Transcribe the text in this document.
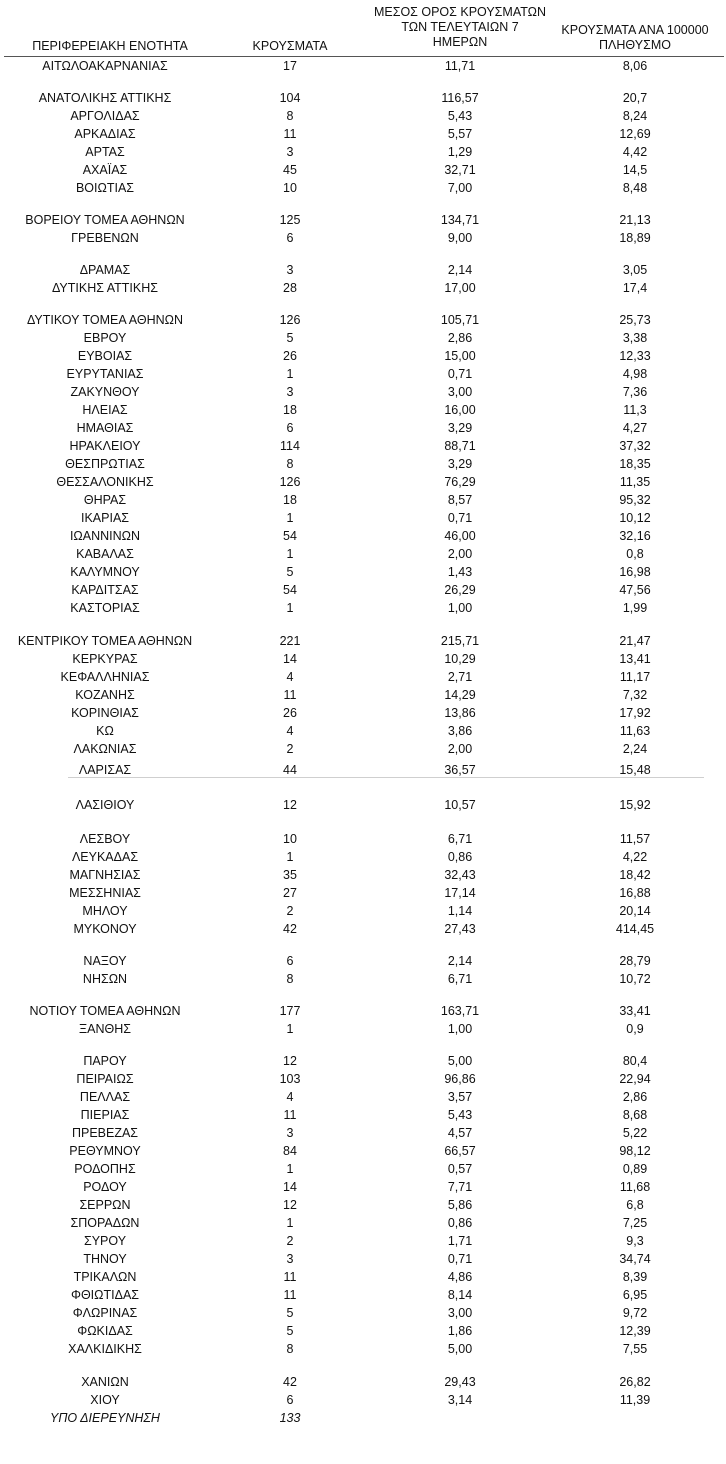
ΠΕΡΙΦΕΡΕΙΑΚΗ ΕΝΟΤΗΤΑ	ΚΡΟΥΣΜΑΤΑ
ΜΕΣΟΣ ΟΡΟΣ ΚΡΟΥΣΜΑΤΩΝ
ΤΩΝ ΤΕΛΕΥΤΑΙΩΝ 7
ΗΜΕΡΩΝ
ΚΡΟΥΣΜΑΤΑ ΑΝΑ 100000
ΠΛΗΘΥΣΜΟ
ΑΙΤΩΛΟΑΚΑΡΝΑΝΙΑΣ	17	11,71	8,06
ΑΝΑΤΟΛΙΚΗΣ ΑΤΤΙΚΗΣ	104	116,57	20,7
ΑΡΓΟΛΙΔΑΣ	8	5,43	8,24
ΑΡΚΑΔΙΑΣ	11	5,57	12,69
ΑΡΤΑΣ	3	1,29	4,42
ΑΧΑΪΑΣ	45	32,71	14,5
ΒΟΙΩΤΙΑΣ	10	7,00	8,48
ΒΟΡΕΙΟΥ ΤΟΜΕΑ ΑΘΗΝΩΝ	125	134,71	21,13
ΓΡΕΒΕΝΩΝ	6	9,00	18,89
ΔΡΑΜΑΣ	3	2,14	3,05
ΔΥΤΙΚΗΣ ΑΤΤΙΚΗΣ	28	17,00	17,4
ΔΥΤΙΚΟΥ ΤΟΜΕΑ ΑΘΗΝΩΝ	126	105,71	25,73
ΕΒΡΟΥ	5	2,86	3,38
ΕΥΒΟΙΑΣ	26	15,00	12,33
ΕΥΡΥΤΑΝΙΑΣ	1	0,71	4,98
ΖΑΚΥΝΘΟΥ	3	3,00	7,36
ΗΛΕΙΑΣ	18	16,00	11,3
ΗΜΑΘΙΑΣ	6	3,29	4,27
ΗΡΑΚΛΕΙΟΥ	114	88,71	37,32
ΘΕΣΠΡΩΤΙΑΣ	8	3,29	18,35
ΘΕΣΣΑΛΟΝΙΚΗΣ	126	76,29	11,35
ΘΗΡΑΣ	18	8,57	95,32
ΙΚΑΡΙΑΣ	1	0,71	10,12
ΙΩΑΝΝΙΝΩΝ	54	46,00	32,16
ΚΑΒΑΛΑΣ	1	2,00	0,8
ΚΑΛΥΜΝΟΥ	5	1,43	16,98
ΚΑΡΔΙΤΣΑΣ	54	26,29	47,56
ΚΑΣΤΟΡΙΑΣ	1	1,00	1,99
ΚΕΝΤΡΙΚΟΥ ΤΟΜΕΑ ΑΘΗΝΩΝ	221	215,71	21,47
ΚΕΡΚΥΡΑΣ	14	10,29	13,41
ΚΕΦΑΛΛΗΝΙΑΣ	4	2,71	11,17
ΚΟΖΑΝΗΣ	11	14,29	7,32
ΚΟΡΙΝΘΙΑΣ	26	13,86	17,92
ΚΩ	4	3,86	11,63
ΛΑΚΩΝΙΑΣ	2	2,00	2,24
ΛΑΡΙΣΑΣ	44	36,57	15,48
ΛΑΣΙΘΙΟΥ	12	10,57	15,92
ΛΕΣΒΟΥ	10	6,71	11,57
ΛΕΥΚΑΔΑΣ	1	0,86	4,22
ΜΑΓΝΗΣΙΑΣ	35	32,43	18,42
ΜΕΣΣΗΝΙΑΣ	27	17,14	16,88
ΜΗΛΟΥ	2	1,14	20,14
ΜΥΚΟΝΟΥ	42	27,43	414,45
ΝΑΞΟΥ	6	2,14	28,79
ΝΗΣΩΝ	8	6,71	10,72
ΝΟΤΙΟΥ ΤΟΜΕΑ ΑΘΗΝΩΝ	177	163,71	33,41
ΞΑΝΘΗΣ	1	1,00	0,9
ΠΑΡΟΥ	12	5,00	80,4
ΠΕΙΡΑΙΩΣ	103	96,86	22,94
ΠΕΛΛΑΣ	4	3,57	2,86
ΠΙΕΡΙΑΣ	11	5,43	8,68
ΠΡΕΒΕΖΑΣ	3	4,57	5,22
ΡΕΘΥΜΝΟΥ	84	66,57	98,12
ΡΟΔΟΠΗΣ	1	0,57	0,89
ΡΟΔΟΥ	14	7,71	11,68
ΣΕΡΡΩΝ	12	5,86	6,8
ΣΠΟΡΑΔΩΝ	1	0,86	7,25
ΣΥΡΟΥ	2	1,71	9,3
ΤΗΝΟΥ	3	0,71	34,74
ΤΡΙΚΑΛΩΝ	11	4,86	8,39
ΦΘΙΩΤΙΔΑΣ	11	8,14	6,95
ΦΛΩΡΙΝΑΣ	5	3,00	9,72
ΦΩΚΙΔΑΣ	5	1,86	12,39
ΧΑΛΚΙΔΙΚΗΣ	8	5,00	7,55
ΧΑΝΙΩΝ	42	29,43	26,82
ΧΙΟΥ	6	3,14	11,39
ΥΠΟ ΔΙΕΡΕΥΝΗΣΗ	133
